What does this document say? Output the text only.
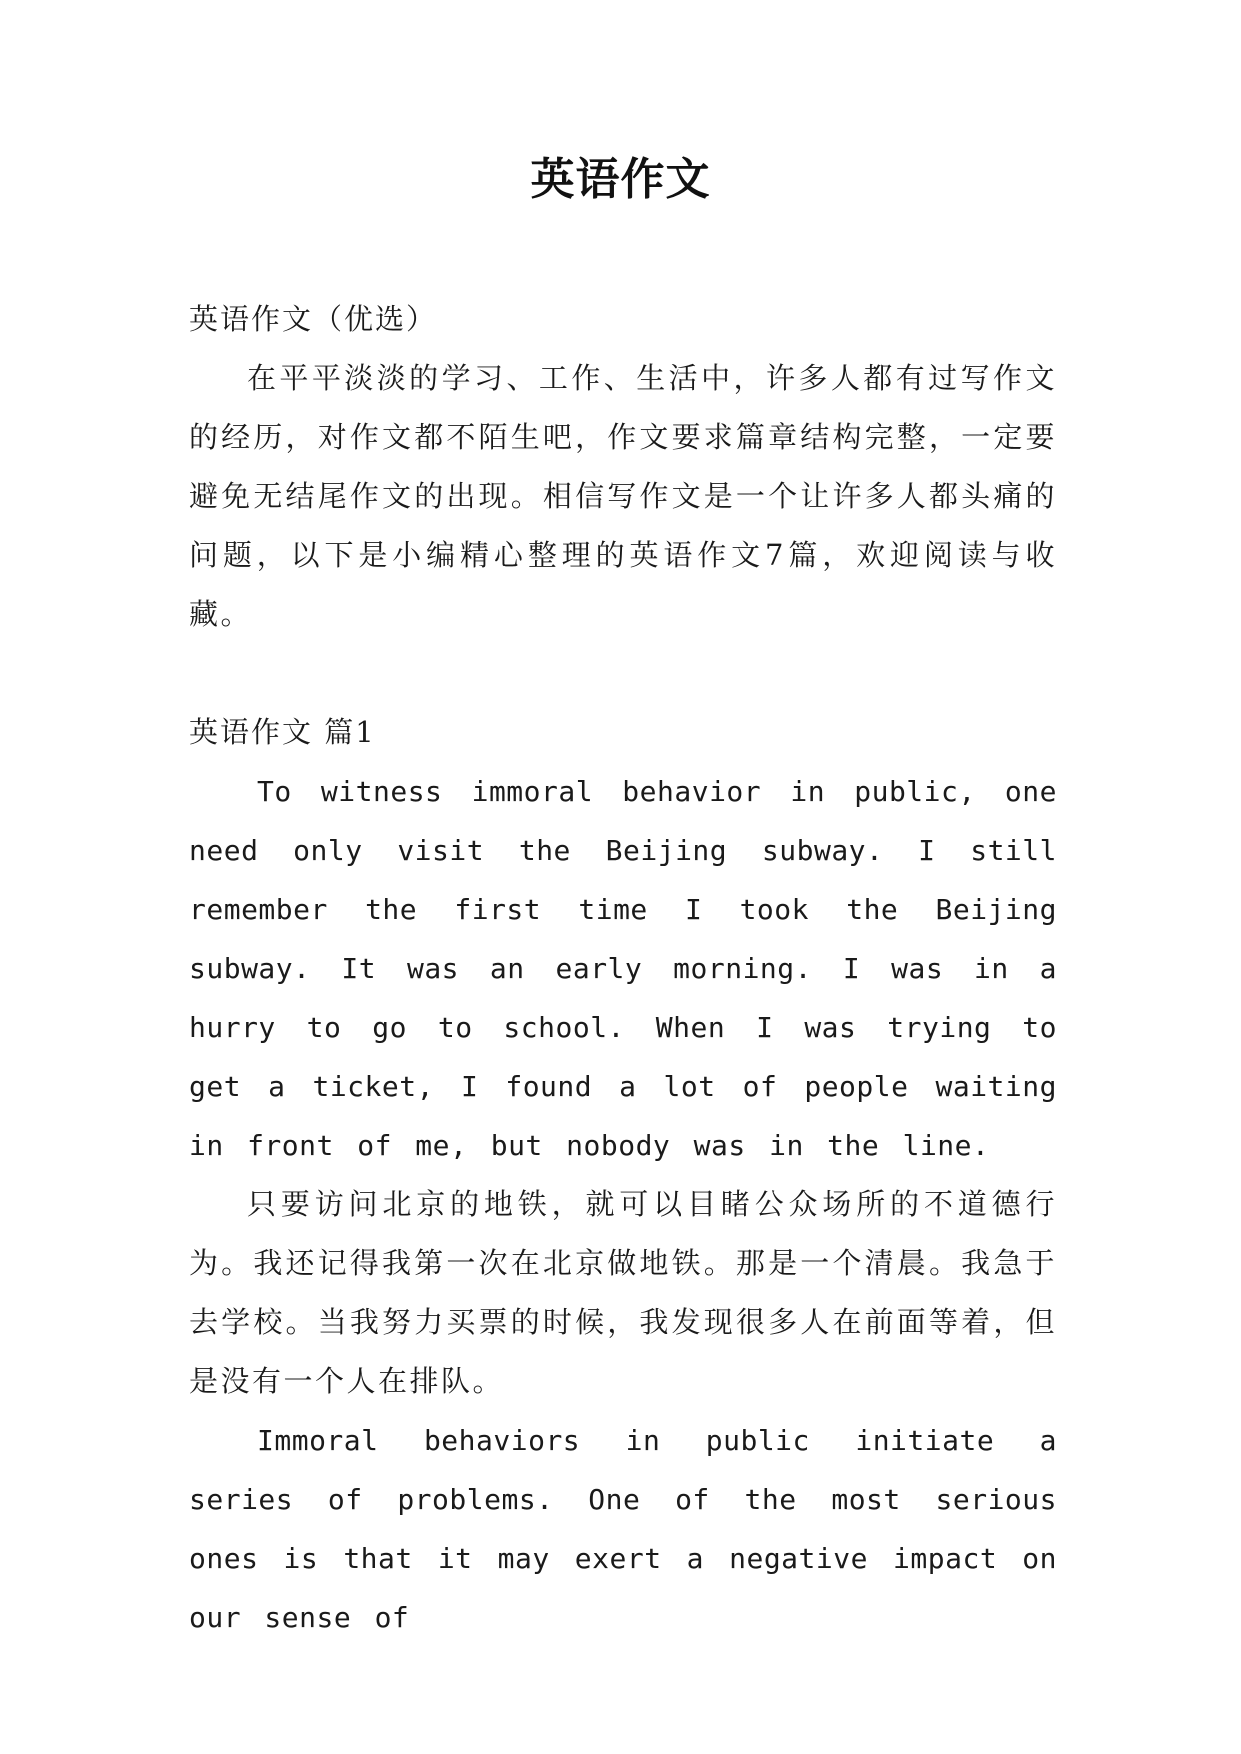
英语作文

英语作文（优选）

在平平淡淡的学习、工作、生活中，许多人都有过写作文的经历，对作文都不陌生吧，作文要求篇章结构完整，一定要避免无结尾作文的出现。相信写作文是一个让许多人都头痛的问题，以下是小编精心整理的英语作文7篇，欢迎阅读与收藏。

英语作文 篇1

To witness immoral behavior in public, one need only visit the Beijing subway. I still remember the first time I took the Beijing subway. It was an early morning. I was in a hurry to go to school. When I was trying to get a ticket, I found a lot of people waiting in front of me, but nobody was in the line.

只要访问北京的地铁，就可以目睹公众场所的不道德行为。我还记得我第一次在北京做地铁。那是一个清晨。我急于去学校。当我努力买票的时候，我发现很多人在前面等着，但是没有一个人在排队。

Immoral behaviors in public initiate a series of problems. One of the most serious ones is that it may exert a negative impact on our sense of
